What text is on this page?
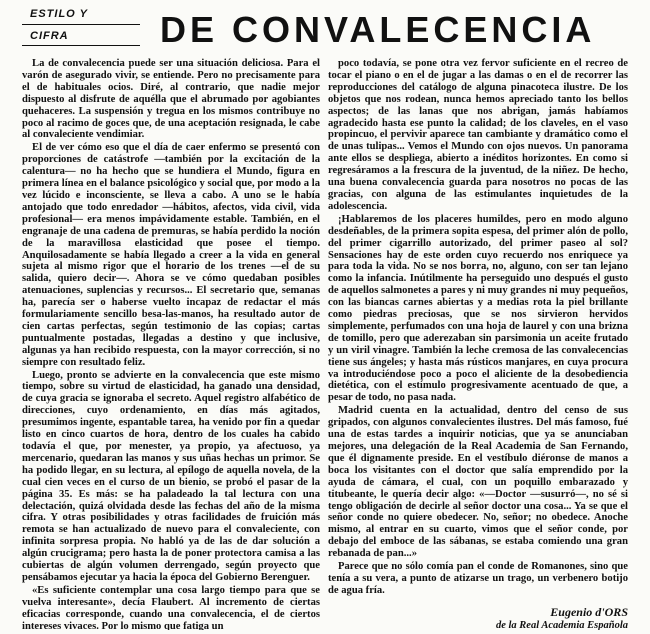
ESTILO Y
CIFRA	DE CONVALECENCIA

La de convalecencia puede ser una situación deliciosa. Para el varón de asegurado vivir, se entiende. Pero no precisamente para el de habituales ocios. Diré, al contrario, que nadie mejor dispuesto al disfrute de aquélla que el abrumado por agobiantes quehaceres. La suspensión y tregua en los mismos contribuye no poco al racimo de goces que, de una aceptación resignada, le cabe al convaleciente vendimiar.

El de ver cómo eso que el día de caer enfermo se presentó con proporciones de catástrofe —también por la excitación de la calentura— no ha hecho que se hundiera el Mundo, figura en primera línea en el balance psicológico y social que, por modo a la vez lúcido e inconsciente, se lleva a cabo. A uno se le había antojado que todo enredador —hábitos, afectos, vida civil, vida profesional— era menos impávidamente estable. También, en el engranaje de una cadena de premuras, se había perdido la noción de la maravillosa elasticidad que posee el tiempo. Anquilosadamente se había llegado a creer a la vida en general sujeta al mismo rigor que el horario de los trenes —el de su salida, quiero decir—. Ahora se ve cómo quedaban posibles atenuaciones, suplencias y recursos... El secretario que, semanas ha, parecía ser o haberse vuelto incapaz de redactar el más formulariamente sencillo besa-las-manos, ha resultado autor de cien cartas perfectas, según testimonio de las copias; cartas puntualmente postadas, llegadas a destino y que inclusive, algunas ya han recibido respuesta, con la mayor corrección, si no siempre con resultado feliz.

Luego, pronto se advierte en la convalecencia que este mismo tiempo, sobre su virtud de elasticidad, ha ganado una densidad, de cuya gracia se ignoraba el secreto. Aquel registro alfabético de direcciones, cuyo ordenamiento, en días más agitados, presumimos ingente, espantable tarea, ha venido por fin a quedar listo en cinco cuartos de hora, dentro de los cuales ha cabido todavía el que, por menester, ya propio, ya afectuoso, ya mercenario, quedaran las manos y sus uñas hechas un primor. Se ha podido llegar, en su lectura, al epílogo de aquella novela, de la cual cien veces en el curso de un bienio, se probó el pasar de la página 35. Es más: se ha paladeado la tal lectura con una delectación, quizá olvidada desde las fechas del año de la misma cifra. Y otras posibilidades y otras facilidades de fruición más remota se han actualizado de nuevo para el convaleciente, con infinita sorpresa propia. No habló ya de las de dar solución a algún crucigrama; pero hasta la de poner protectora camisa a las cubiertas de algún volumen derrengado, según proyecto que pensábamos ejecutar ya hacia la época del Gobierno Berenguer.

«Es suficiente contemplar una cosa largo tiempo para que se vuelva interesante», decía Flaubert. Al incremento de ciertas eficacias corresponde, cuando una convalecencia, el de ciertos intereses vivaces. Por lo mismo que fatiga un

poco todavía, se pone otra vez fervor suficiente en el recreo de tocar el piano o en el de jugar a las damas o en el de recorrer las reproducciones del catálogo de alguna pinacoteca ilustre. De los objetos que nos rodean, nunca hemos apreciado tanto los bellos aspectos; de las lanas que nos abrigan, jamás habíamos agradecido hasta ese punto la calidad; de los claveles, en el vaso propincuo, el pervivir aparece tan cambiante y dramático como el de unas tulipas... Vemos el Mundo con ojos nuevos. Un panorama ante ellos se despliega, abierto a inéditos horizontes. En como si regresáramos a la frescura de la juventud, de la niñez. De hecho, una buena convalecencia guarda para nosotros no pocas de las gracias, con alguna de las estimulantes inquietudes de la adolescencia.

¡Hablaremos de los placeres humildes, pero en modo alguno desdeñables, de la primera sopita espesa, del primer alón de pollo, del primer cigarrillo autorizado, del primer paseo al sol? Sensaciones hay de este orden cuyo recuerdo nos enriquece ya para toda la vida. No se nos borra, no, alguno, con ser tan lejano como la infancia. Inútilmente ha perseguido uno después el gusto de aquellos salmonetes a pares y ni muy grandes ni muy pequeños, con las biancas carnes abiertas y a medias rota la piel brillante como piedras preciosas, que se nos sirvieron hervidos simplemente, perfumados con una hoja de laurel y con una brizna de tomillo, pero que aderezaban sin parsimonia un aceite frutado y un viril vinagre. También la leche cremosa de las convalecencias tiene sus ángeles; y hasta más rústicos manjares, en cuya procura va introduciéndose poco a poco el aliciente de la desobediencia dietética, con el estímulo progresivamente acentuado de que, a pesar de todo, no pasa nada.

Madrid cuenta en la actualidad, dentro del censo de sus gripados, con algunos convalecientes ilustres. Del más famoso, fué una de estas tardes a inquirir noticias, que ya se anunciaban mejores, una delegación de la Real Academia de San Fernando, que él dignamente preside. En el vestíbulo diéronse de manos a boca los visitantes con el doctor que salía emprendido por la ayuda de cámara, el cual, con un poquillo embarazado y titubeante, le quería decir algo: «—Doctor —susurró—, no sé si tengo obligación de decirle al señor doctor una cosa... Ya se que el señor conde no quiere obedecer. No, señor; no obedece. Anoche mismo, al entrar en su cuarto, vimos que el señor conde, por debajo del emboce de las sábanas, se estaba comiendo una gran rebanada de pan...»

Parece que no sólo comía pan el conde de Romanones, sino que tenía a su vera, a punto de atizarse un trago, un verbenero botijo de agua fría.

Eugenio d'ORS
de la Real Academia Española
